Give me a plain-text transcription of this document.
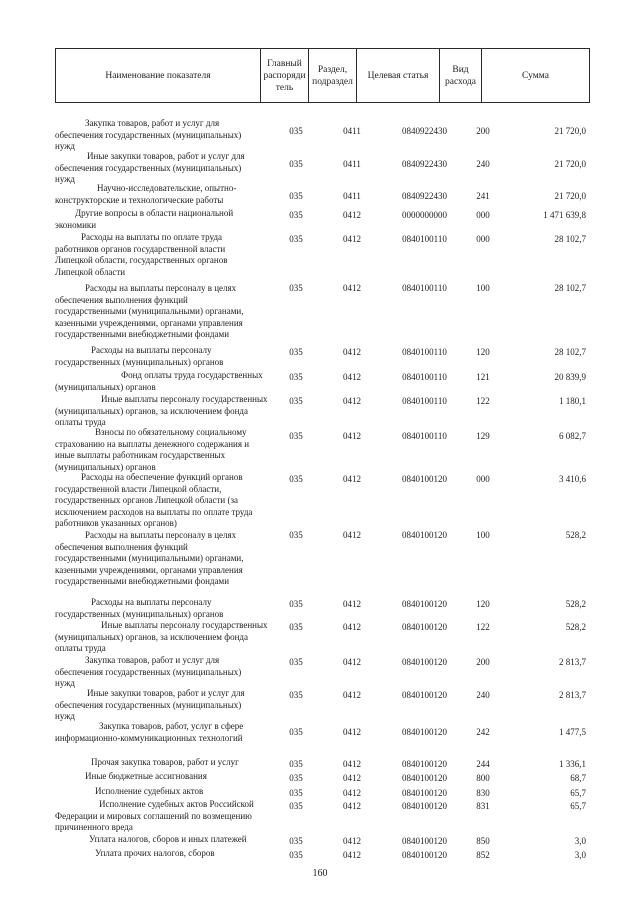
Наименование показателя
Главный распоряди тель
Раздел, подраздел
Целевая статья
Вид расхода
Сумма
Закупка товаров, работ и услуг для
обеспечения государственных (муниципальных)
нужд
035	0411	0840922430	200	21 720,0
Иные закупки товаров, работ и услуг для
обеспечения государственных (муниципальных)
нужд
035	0411	0840922430	240	21 720,0
Научно-исследовательские, опытно-
конструкторские и технологические работы	035	0411	0840922430	241	21 720,0
Другие вопросы в области национальной
экономики
035	0412	0000000000	000	1 471 639,8
Расходы на выплаты по оплате труда
работников органов государственной власти
Липецкой области, государственных органов
Липецкой области
035	0412	0840100110	000	28 102,7
Расходы на выплаты персоналу в целях
обеспечения выполнения функций
государственными (муниципальными) органами,
казенными учреждениями, органами управления
государственными внебюджетными фондами
035	0412	0840100110	100	28 102,7
Расходы на выплаты персоналу
государственных (муниципальных) органов
035	0412	0840100110	120	28 102,7
Фонд оплаты труда государственных
(муниципальных) органов
035	0412	0840100110	121	20 839,9
Иные выплаты персоналу государственных
(муниципальных) органов, за исключением фонда
оплаты труда
035	0412	0840100110	122	1 180,1
Взносы по обязательному социальному
страхованию на выплаты денежного содержания и
иные выплаты работникам государственных
(муниципальных) органов
035	0412	0840100110	129	6 082,7
Расходы на обеспечение функций органов
государственной власти Липецкой области,
государственных органов Липецкой области (за
исключением расходов на выплаты по оплате труда
работников указанных органов)
035	0412	0840100120	000	3 410,6
Расходы на выплаты персоналу в целях
обеспечения выполнения функций
государственными (муниципальными) органами,
казенными учреждениями, органами управления
государственными внебюджетными фондами
035	0412	0840100120	100	528,2
Расходы на выплаты персоналу
государственных (муниципальных) органов
035	0412	0840100120	120	528,2
Иные выплаты персоналу государственных
(муниципальных) органов, за исключением фонда
оплаты труда
035	0412	0840100120	122	528,2
Закупка товаров, работ и услуг для
обеспечения государственных (муниципальных)
нужд
035	0412	0840100120	200	2 813,7
Иные закупки товаров, работ и услуг для
обеспечения государственных (муниципальных)
нужд
035	0412	0840100120	240	2 813,7
Закупка товаров, работ, услуг в сфере
информационно-коммуникационных технологий
035	0412	0840100120	242	1 477,5
Прочая закупка товаров, работ и услуг	035	0412	0840100120	244	1 336,1
Иные бюджетные ассигнования	035	0412	0840100120	800	68,7
Исполнение судебных актов	035	0412	0840100120	830	65,7
Исполнение судебных актов Российской
Федерации и мировых соглашений по возмещению
причиненного вреда
035	0412	0840100120	831	65,7
Уплата налогов, сборов и иных платежей	035	0412	0840100120	850	3,0
Уплата прочих налогов, сборов	035	0412	0840100120	852	3,0
160
